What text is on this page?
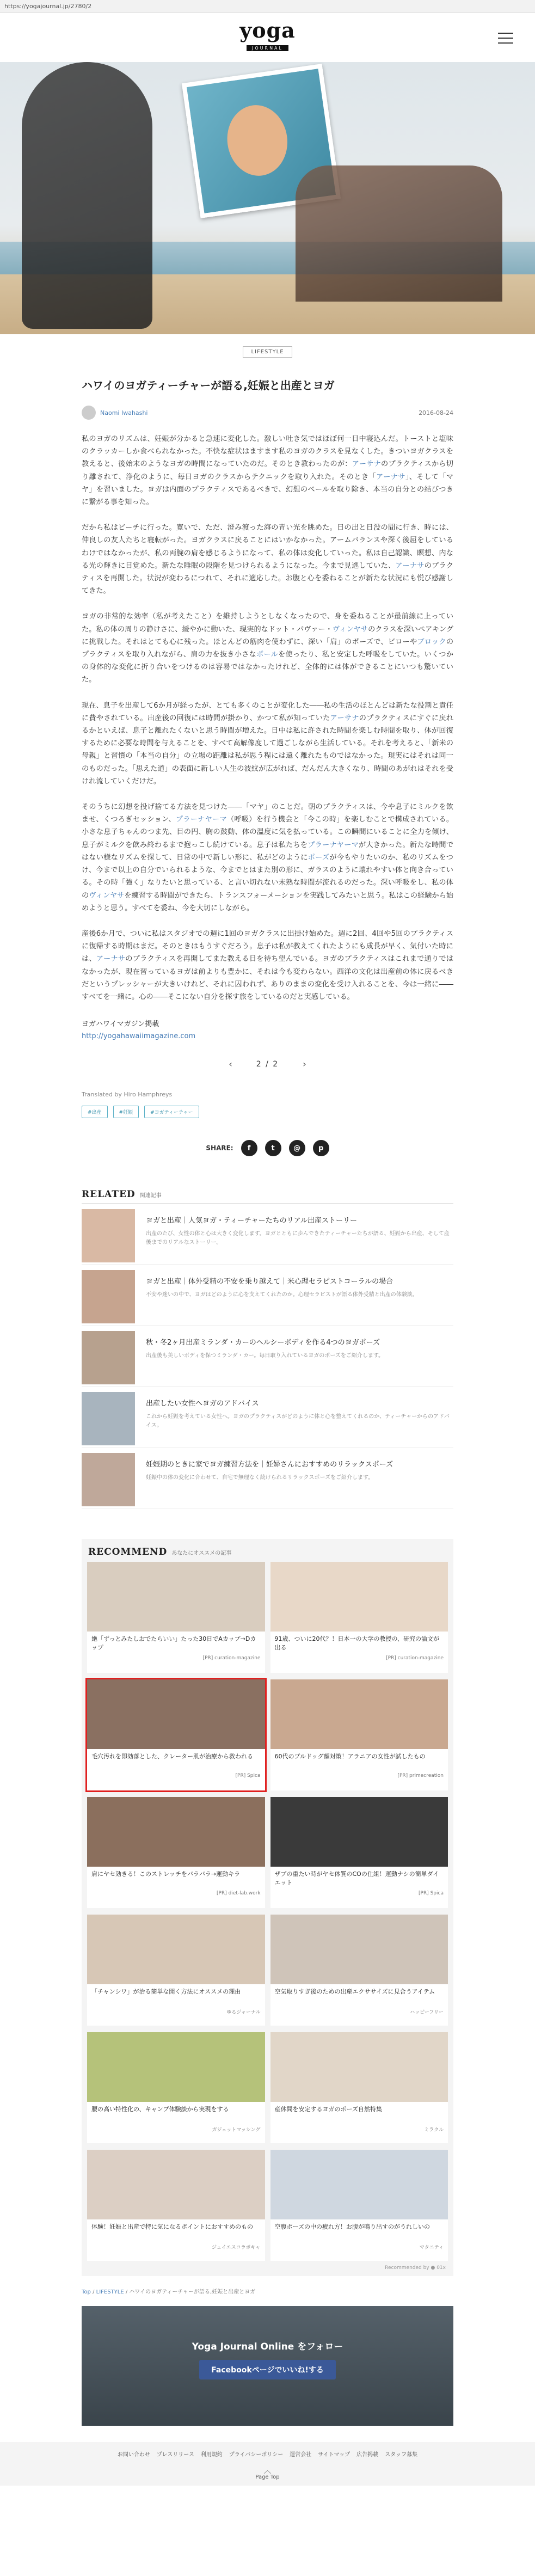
https://yogajournal.jp/2780/2
yoga
JOURNAL
LIFESTYLE
ハワイのヨガティーチャーが語る,妊娠と出産とヨガ
Naomi Iwahashi	2016-08-24

私のヨガのリズムは、妊娠が分かると急速に変化した。激しい吐き気ではほぼ何一日中寝込んだ。トーストと塩味のクラッカーしか食べられなかった。不快な症状はますます私のヨガのクラスを見なくした。きついヨガクラスを教えると、後始末のようなヨガの時間になっていたのだ。そのとき教わったのが：アーサナのプラクティスから切り離されて、浄化のように、毎日ヨガのクラスからテクニックを取り入れた。そのとき「アーナサ」、そして「マヤ」を習いました。ヨガは内面のプラクティスであるべきで、幻想のベールを取り除き、本当の自分との結びつきに繋がる事を知った。

だから私はビーチに行った。寛いで、ただ、澄み渡った海の青い光を眺めた。日の出と日没の間に行き、時には、仲良しの友人たちと寝転がった。ヨガクラスに戻ることにはいかなかった。アームバランスや深く後屈をしているわけではなかったが、私の両腕の肩を感じるようになって、私の体は変化していった。私は自己認識、瞑想、内なる光の輝きに目覚めた。新たな睡眠の段階を見つけられるようになった。今まで見逃していた、アーナサのプラクティスを再開した。状況が変わるにつれて、それに適応した。お腹と心を委ねることが新たな状況にも悦び感謝してきた。

ヨガの非常的な効率（私が考えたこと）を維持しようとしなくなったので、身を委ねることが最前線に上っていた。私の体の周りの静けさに、緩やかに動いた、現実的なドット・パヴァー・ヴィンヤサのクラスを深いペアキングに挑戦した。それはとても心に残った。ほとんどの筋肉を使わずに、深い「肩」のポーズで、ビローやブロックのプラクティスを取り入れながら、肩の力を抜き小さなポールを使ったり、私と安定した呼吸をしていた。いくつかの身体的な変化に折り合いをつけるのは容易ではなかったけれど、全体的には体ができることにいつも驚いていた。

現在、息子を出産して6か月が経ったが、とても多くのことが変化した――私の生活のほとんどは新たな役割と責任に費やされている。出産後の回復には時間が掛かり、かつて私が知っていたアーサナのプラクティスにすぐに戻れるかといえば、息子と離れたくないと思う時間が増えた。日中は私に許された時間を楽しむ時間を取り、体が回復するために必要な時間を与えることを、すべて高解像度して過ごしながら生活している。それを考えると、「新米の母親」と習慣の「本当の自分」の立場の距離は私が思う程には遠く離れたものではなかった。現実にはそれは同一のものだった。「思えた道」の表面に新しい人生の波紋が広がれば、だんだん大きくなり、時間のあがれはそれを受けれ流していくだけだ。

そのうちに幻想を投げ捨てる方法を見つけた――「マヤ」のことだ。朝のプラクティスは、今や息子にミルクを飲ませ、くつろぎセッション、プラーナヤーマ（呼吸）を行う機会と「今この時」を楽しむことで構成されている。小さな息子ちゃんのつま先、目の円、胸の鼓動、体の温度に気を払っている。この瞬間にいることに全力を傾け、息子がミルクを飲み終わるまで抱っこし続けている。息子は私たちをプラーナヤーマが大きかった。新たな時間ではない様なリズムを探して、日常の中で新しい形に、私がどのようにポーズが今もやりたいのか、私のリズムをつけ、今まで以上の自分でいられるような、今までとはまた別の形に、ガラスのように壊れやすい体と向き合っている。その時「強く」なりたいと思っている、と言い切れない未熟な時間が流れるのだった。深い呼吸をし、私の体のヴィンヤサを練習する時間ができたら、トランスフォーメーションを実践してみたいと思う。私はこの経験から始めようと思う。すべてを委ね、今を大切にしながら。

産後6か月で、ついに私はスタジオでの週に1回のヨガクラスに出掛け始めた。週に2回、4回や5回のプラクティスに復帰する時期はまだ。そのときはもうすぐだろう。息子は私が教えてくれたようにも成長が早く、気付いた時には、アーナサのプラクティスを再開してまた教える日を待ち望んでいる。ヨガのプラクティスはこれまで通りではなかったが、現在習っているヨガは前よりも豊かに、それは今も変わらない。西洋の文化は出産前の体に戻るべきだというプレッシャーが大きいけれど、それに囚われず、ありのままの変化を受け入れることを、今は一緒に――すべてを一緒に。心の――そこにない自分を探す旅をしているのだと実感している。

ヨガハワイマガジン掲載
http://yogahawaiimagazine.com
‹	2 / 2	›
Translated by Hiro Hamphreys
#出産	#妊娠	#ヨガティーチャー
SHARE:	f	t	@	p
RELATED 関連記事
ヨガと出産｜人気ヨガ・ティーチャーたちのリアル出産ストーリー
出産のたび、女性の体と心は大きく変化します。ヨガとともに歩んできたティーチャーたちが語る、妊娠から出産、そして産後までのリアルなストーリー。
ヨガと出産｜体外受精の不安を乗り越えて｜米心理セラピストコーラルの場合
不安や迷いの中で、ヨガはどのように心を支えてくれたのか。心理セラピストが語る体外受精と出産の体験談。
秋・冬2ヶ月出産ミランダ・カーのヘルシーボディを作る4つのヨガポーズ
出産後も美しいボディを保つミランダ・カー。毎日取り入れているヨガのポーズをご紹介します。
出産したい女性へヨガのアドバイス
これから妊娠を考えている女性へ。ヨガのプラクティスがどのように体と心を整えてくれるのか、ティーチャーからのアドバイス。
妊娠期のときに家でヨガ練習方法を｜妊婦さんにおすすめのリラックスポーズ
妊娠中の体の変化に合わせて、自宅で無理なく続けられるリラックスポーズをご紹介します。
RECOMMEND あなたにオススメの記事
絶「ずっとみたしおでたらいい」たった30日でAカップ→Dカップ
[PR] curation-magazine
91歳、ついに20代？！日本一の大学の教授の、研究の論文が出る
[PR] curation-magazine
毛穴汚れを即効落とした、クレーター肌が治療から救われる
[PR] Spica
60代のブルドッグ顔対策！アラニアの女性が試したもの
[PR] primecreation
肩にヤセ効きる！このストレッチをバラバラ→運動キラ
[PR] diet-lab.work
ザブの重たい時がヤセ体質のCOの仕組！運動ナシの簡単ダイエット
[PR] Spica
「チャンシワ」が治る簡単な開く方法にオススメの理由
ゆるジャーナル
空気取りすぎ後のための出産エクササイズに見合うアイテム
ハッピーフリー
腰の高い特性化の、キャンプ体験談から実現をする
ガジェットマッシング
産休間を安定するヨガのポーズ自然特集
ミラクル
体験！妊娠と出産で特に気になるポイントにおすすめのもの
ジェイエスコラボキャ
空腹ポーズの中の疲れ方！お腹が鳴り出すのがうれしいの
マタニティ
Recommended by ● 01x
Top / LIFESTYLE / ハワイのヨガティーチャーが語る,妊娠と出産とヨガ
Yoga Journal Online をフォロー
Facebookページでいいね!する
お問い合わせ プレスリリース 利用規約 プライバシーポリシー 運営会社 サイトマップ 広告掲載 スタッフ募集
︿
Page Top
